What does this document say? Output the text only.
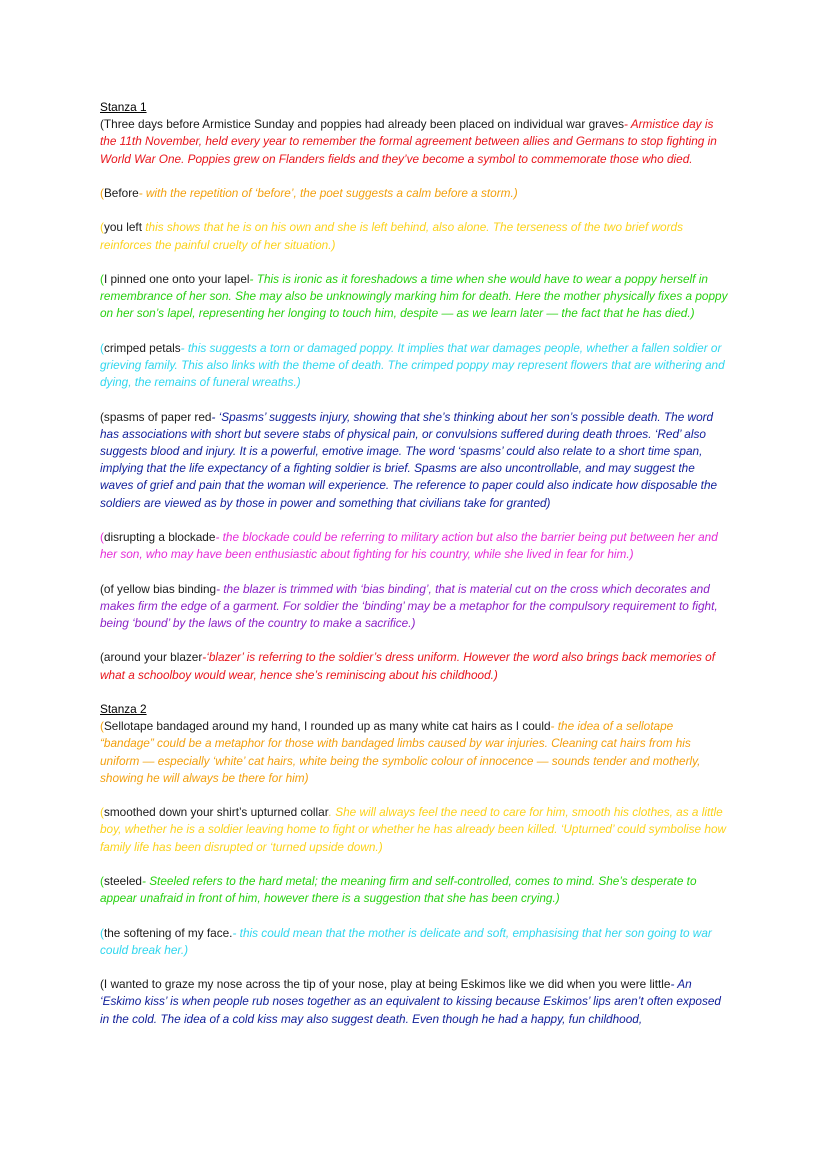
Stanza 1

(Three days before Armistice Sunday and poppies had already been placed on individual war graves- Armistice day is the 11th November, held every year to remember the formal agreement between allies and Germans to stop fighting in World War One. Poppies grew on Flanders fields and they’ve become a symbol to commemorate those who died.

(Before- with the repetition of ‘before’, the poet suggests a calm before a storm.)

(you left this shows that he is on his own and she is left behind, also alone. The terseness of the two brief words reinforces the painful cruelty of her situation.)

(I pinned one onto your lapel- This is ironic as it foreshadows a time when she would have to wear a poppy herself in remembrance of her son. She may also be unknowingly marking him for death. Here the mother physically fixes a poppy on her son’s lapel, representing her longing to touch him, despite — as we learn later — the fact that he has died.)

(crimped petals- this suggests a torn or damaged poppy. It implies that war damages people, whether a fallen soldier or grieving family. This also links with the theme of death. The crimped poppy may represent flowers that are withering and dying, the remains of funeral wreaths.)

(spasms of paper red- ‘Spasms’ suggests injury, showing that she’s thinking about her son’s possible death. The word has associations with short but severe stabs of physical pain, or convulsions suffered during death throes. ‘Red’ also suggests blood and injury. It is a powerful, emotive image. The word ‘spasms’ could also relate to a short time span, implying that the life expectancy of a fighting soldier is brief. Spasms are also uncontrollable, and may suggest the waves of grief and pain that the woman will experience. The reference to paper could also indicate how disposable the soldiers are viewed as by those in power and something that civilians take for granted)

(disrupting a blockade- the blockade could be referring to military action but also the barrier being put between her and her son, who may have been enthusiastic about fighting for his country, while she lived in fear for him.)

(of yellow bias binding- the blazer is trimmed with ‘bias binding’, that is material cut on the cross which decorates and makes firm the edge of a garment. For soldier the ‘binding’ may be a metaphor for the compulsory requirement to fight, being ‘bound’ by the laws of the country to make a sacrifice.)

(around your blazer-‘blazer’ is referring to the soldier’s dress uniform. However the word also brings back memories of what a schoolboy would wear, hence she’s reminiscing about his childhood.)

Stanza 2

(Sellotape bandaged around my hand, I rounded up as many white cat hairs as I could- the idea of a sellotape “bandage” could be a metaphor for those with bandaged limbs caused by war injuries. Cleaning cat hairs from his uniform — especially ‘white’ cat hairs, white being the symbolic colour of innocence — sounds tender and motherly, showing he will always be there for him)

(smoothed down your shirt’s upturned collar. She will always feel the need to care for him, smooth his clothes, as a little boy, whether he is a soldier leaving home to fight or whether he has already been killed. ‘Upturned’ could symbolise how family life has been disrupted or ‘turned upside down.)

(steeled- Steeled refers to the hard metal; the meaning firm and self-controlled, comes to mind. She’s desperate to appear unafraid in front of him, however there is a suggestion that she has been crying.)

(the softening of my face.- this could mean that the mother is delicate and soft, emphasising that her son going to war could break her.)

(I wanted to graze my nose across the tip of your nose, play at being Eskimos like we did when you were little- An ‘Eskimo kiss’ is when people rub noses together as an equivalent to kissing because Eskimos’ lips aren’t often exposed in the cold. The idea of a cold kiss may also suggest death. Even though he had a happy, fun childhood,
